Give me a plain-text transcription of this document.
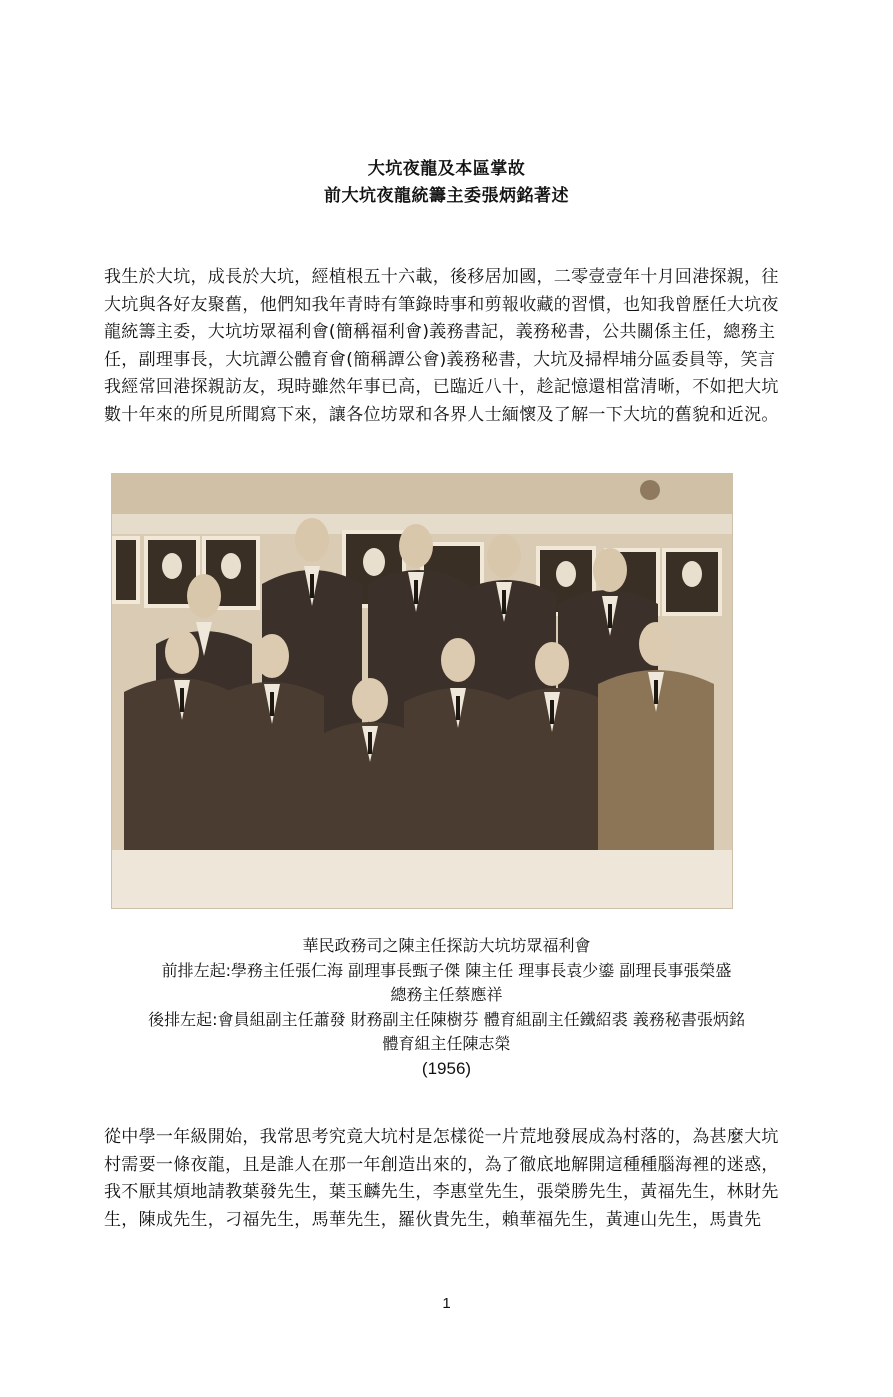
大坑夜龍及本區掌故
前大坑夜龍統籌主委張炳銘著述
我生於大坑，成長於大坑，經植根五十六載，後移居加國，二零壹壹年十月回港探親，往
大坑與各好友聚舊，他們知我年青時有筆錄時事和剪報收藏的習慣，也知我曾歷任大坑夜
龍統籌主委，大坑坊眾福利會(簡稱福利會)義務書記，義務秘書，公共關係主任，總務主
任，副理事長，大坑譚公體育會(簡稱譚公會)義務秘書，大坑及掃桿埔分區委員等，笑言
我經常回港探親訪友，現時雖然年事已高，已臨近八十，趁記憶還相當清晰，不如把大坑
數十年來的所見所聞寫下來，讓各位坊眾和各界人士緬懷及了解一下大坑的舊貌和近況。
華民政務司之陳主任探訪大坑坊眾福利會
前排左起:學務主任張仁海 副理事長甄子傑 陳主任 理事長袁少鎏 副理長事張榮盛
總務主任蔡應祥
後排左起:會員組副主任蕭發 財務副主任陳樹芬 體育組副主任鐵紹裘 義務秘書張炳銘
體育組主任陳志榮
(1956)
從中學一年級開始，我常思考究竟大坑村是怎樣從一片荒地發展成為村落的，為甚麼大坑
村需要一條夜龍，且是誰人在那一年創造出來的，為了徹底地解開這種種腦海裡的迷惑，
我不厭其煩地請教葉發先生，葉玉麟先生，李惠堂先生，張榮勝先生，黃福先生，林財先
生，陳成先生，刁福先生，馬華先生，羅伙貴先生，賴華福先生，黃連山先生，馬貴先
1
